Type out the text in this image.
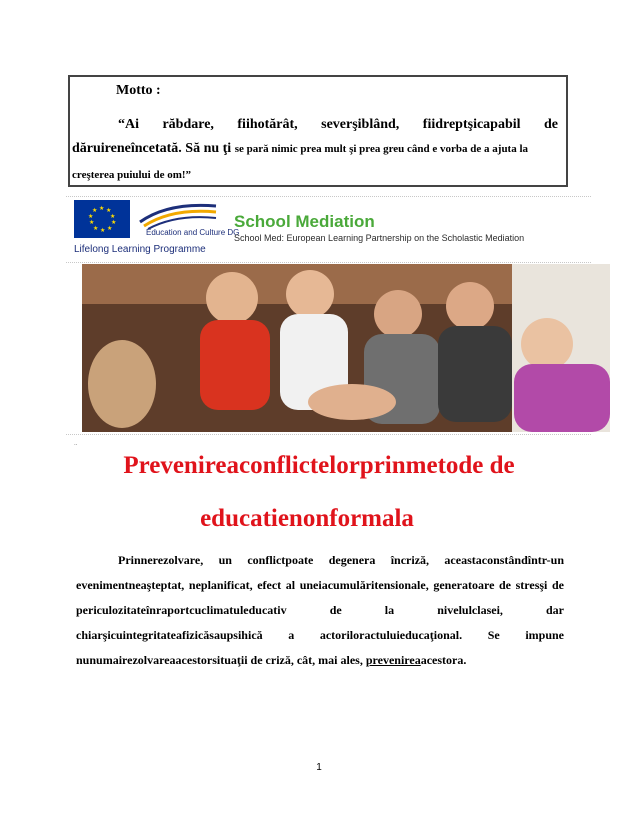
Motto :
“Ai răbdare, fiihotărât, severşiblând, fiidreptşicapabil de
dăruireneîncetată. Să nu ţi se pară nimic prea mult şi prea greu când e vorba de a ajuta la
creşterea puiului de om!”
★ ★
★
★
★
★
★
★
★
★
Education and Culture DG
Lifelong Learning Programme
School Mediation
School Med: European Learning Partnership on the Scholastic Mediation
..
Prevenireaconflictelorprinmetode de
educatienonformala
Prinnerezolvare, un conflictpoate degenera încriză, aceastaconstândîntr-un
evenimentneaşteptat, neplanificat, efect al uneiacumulăritensionale, generatoare de stresşi de
periculozitateînraportcuclimatuleducativ de la nivelulclasei, dar
chiarşicuintegritateafizicăsaupsihică a actoriloractuluieducaţional. Se impune
nunumairezolvareaacestorsituaţii de criză, cât, mai ales, prevenireaacestora.
1
